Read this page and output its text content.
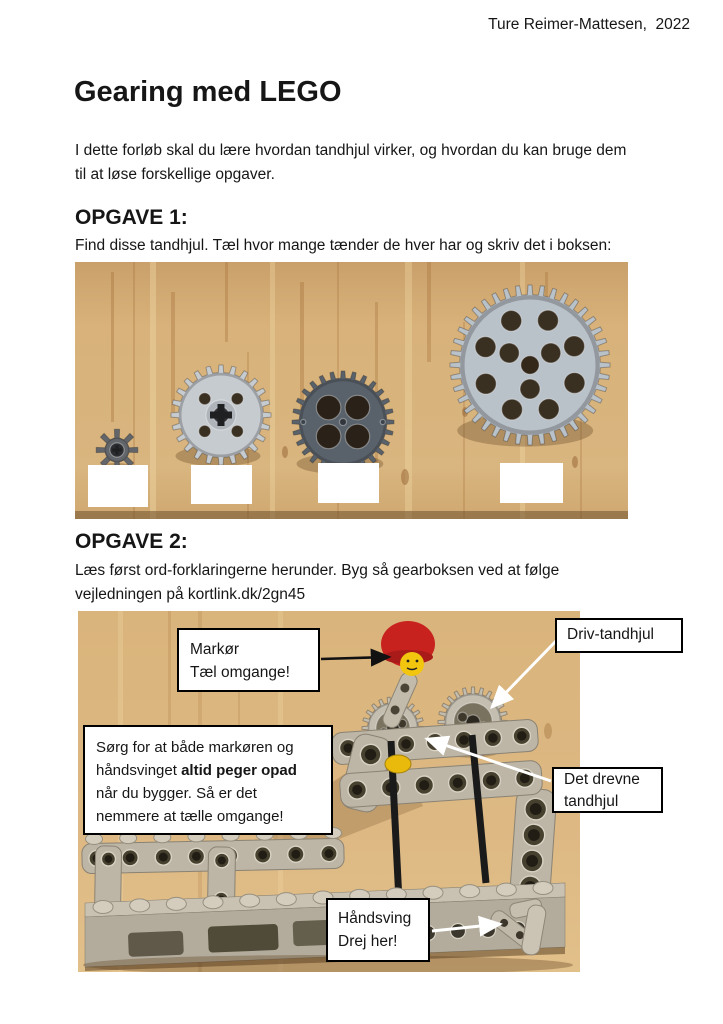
Ture Reimer-Mattesen,  2022
Gearing med LEGO
I dette forløb skal du lære hvordan tandhjul virker, og hvordan du kan bruge dem
til at løse forskellige opgaver.
OPGAVE 1:
Find disse tandhjul. Tæl hvor mange tænder de hver har og skriv det i boksen:
OPGAVE 2:
Læs først ord-forklaringerne herunder. Byg så gearboksen ved at følge
vejledningen på kortlink.dk/2gn45
Markør
Tæl omgange!
Driv-tandhjul
Det drevne
tandhjul
Håndsving
Drej her!
Sørg for at både markøren og
håndsvinget altid peger opad
når du bygger. Så er det
nemmere at tælle omgange!
